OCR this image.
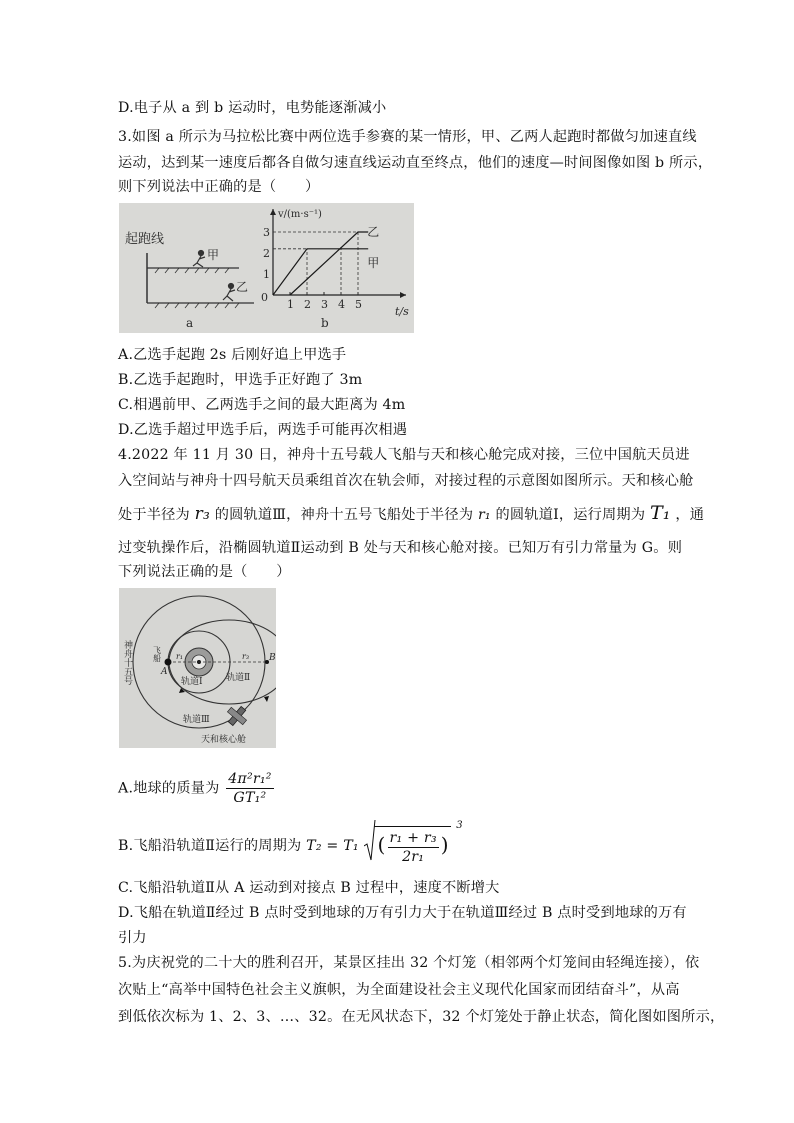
D.电子从 a 到 b 运动时，电势能逐渐减小
3.如图 a 所示为马拉松比赛中两位选手参赛的某一情形，甲、乙两人起跑时都做匀加速直线
运动，达到某一速度后都各自做匀速直线运动直至终点，他们的速度—时间图像如图 b 所示，
则下列说法中正确的是（　　）
起跑线
甲
乙
a
v/(m·s⁻¹)
t/s
0
b
1 2 3 4 5
1
2
3
甲
乙
A.乙选手起跑 2s 后刚好追上甲选手
B.乙选手起跑时，甲选手正好跑了 3m
C.相遇前甲、乙两选手之间的最大距离为 4m
D.乙选手超过甲选手后，两选手可能再次相遇
4.2022 年 11 月 30 日，神舟十五号载人飞船与天和核心舱完成对接，三位中国航天员进
入空间站与神舟十四号航天员乘组首次在轨会师，对接过程的示意图如图所示。天和核心舱
处于半径为 r₃ 的圆轨道Ⅲ，神舟十五号飞船处于半径为 r₁ 的圆轨道Ⅰ，运行周期为 T₁ ，通
过变轨操作后，沿椭圆轨道Ⅱ运动到 B 处与天和核心舱对接。已知万有引力常量为 G。则
下列说法正确的是（　　）
神舟十五号	飞船
A
B
r₁	r₃
轨道Ⅰ	轨道Ⅱ
轨道Ⅲ
天和核心舱
A.地球的质量为 $\frac{\text{4π²r₁²}}{\text{GT₁²}}$
B.飞船沿轨道Ⅱ运行的周期为 T₂ = T₁ ( $\frac{\text{r₁ + r₃}}{\text{2r₁}}$ )
3
C.飞船沿轨道Ⅱ从 A 运动到对接点 B 过程中，速度不断增大
D.飞船在轨道Ⅱ经过 B 点时受到地球的万有引力大于在轨道Ⅲ经过 B 点时受到地球的万有
引力
5.为庆祝党的二十大的胜利召开，某景区挂出 32 个灯笼（相邻两个灯笼间由轻绳连接），依
次贴上“高举中国特色社会主义旗帜，为全面建设社会主义现代化国家而团结奋斗”，从高
到低依次标为 1、2、3、…、32。在无风状态下，32 个灯笼处于静止状态，简化图如图所示，
